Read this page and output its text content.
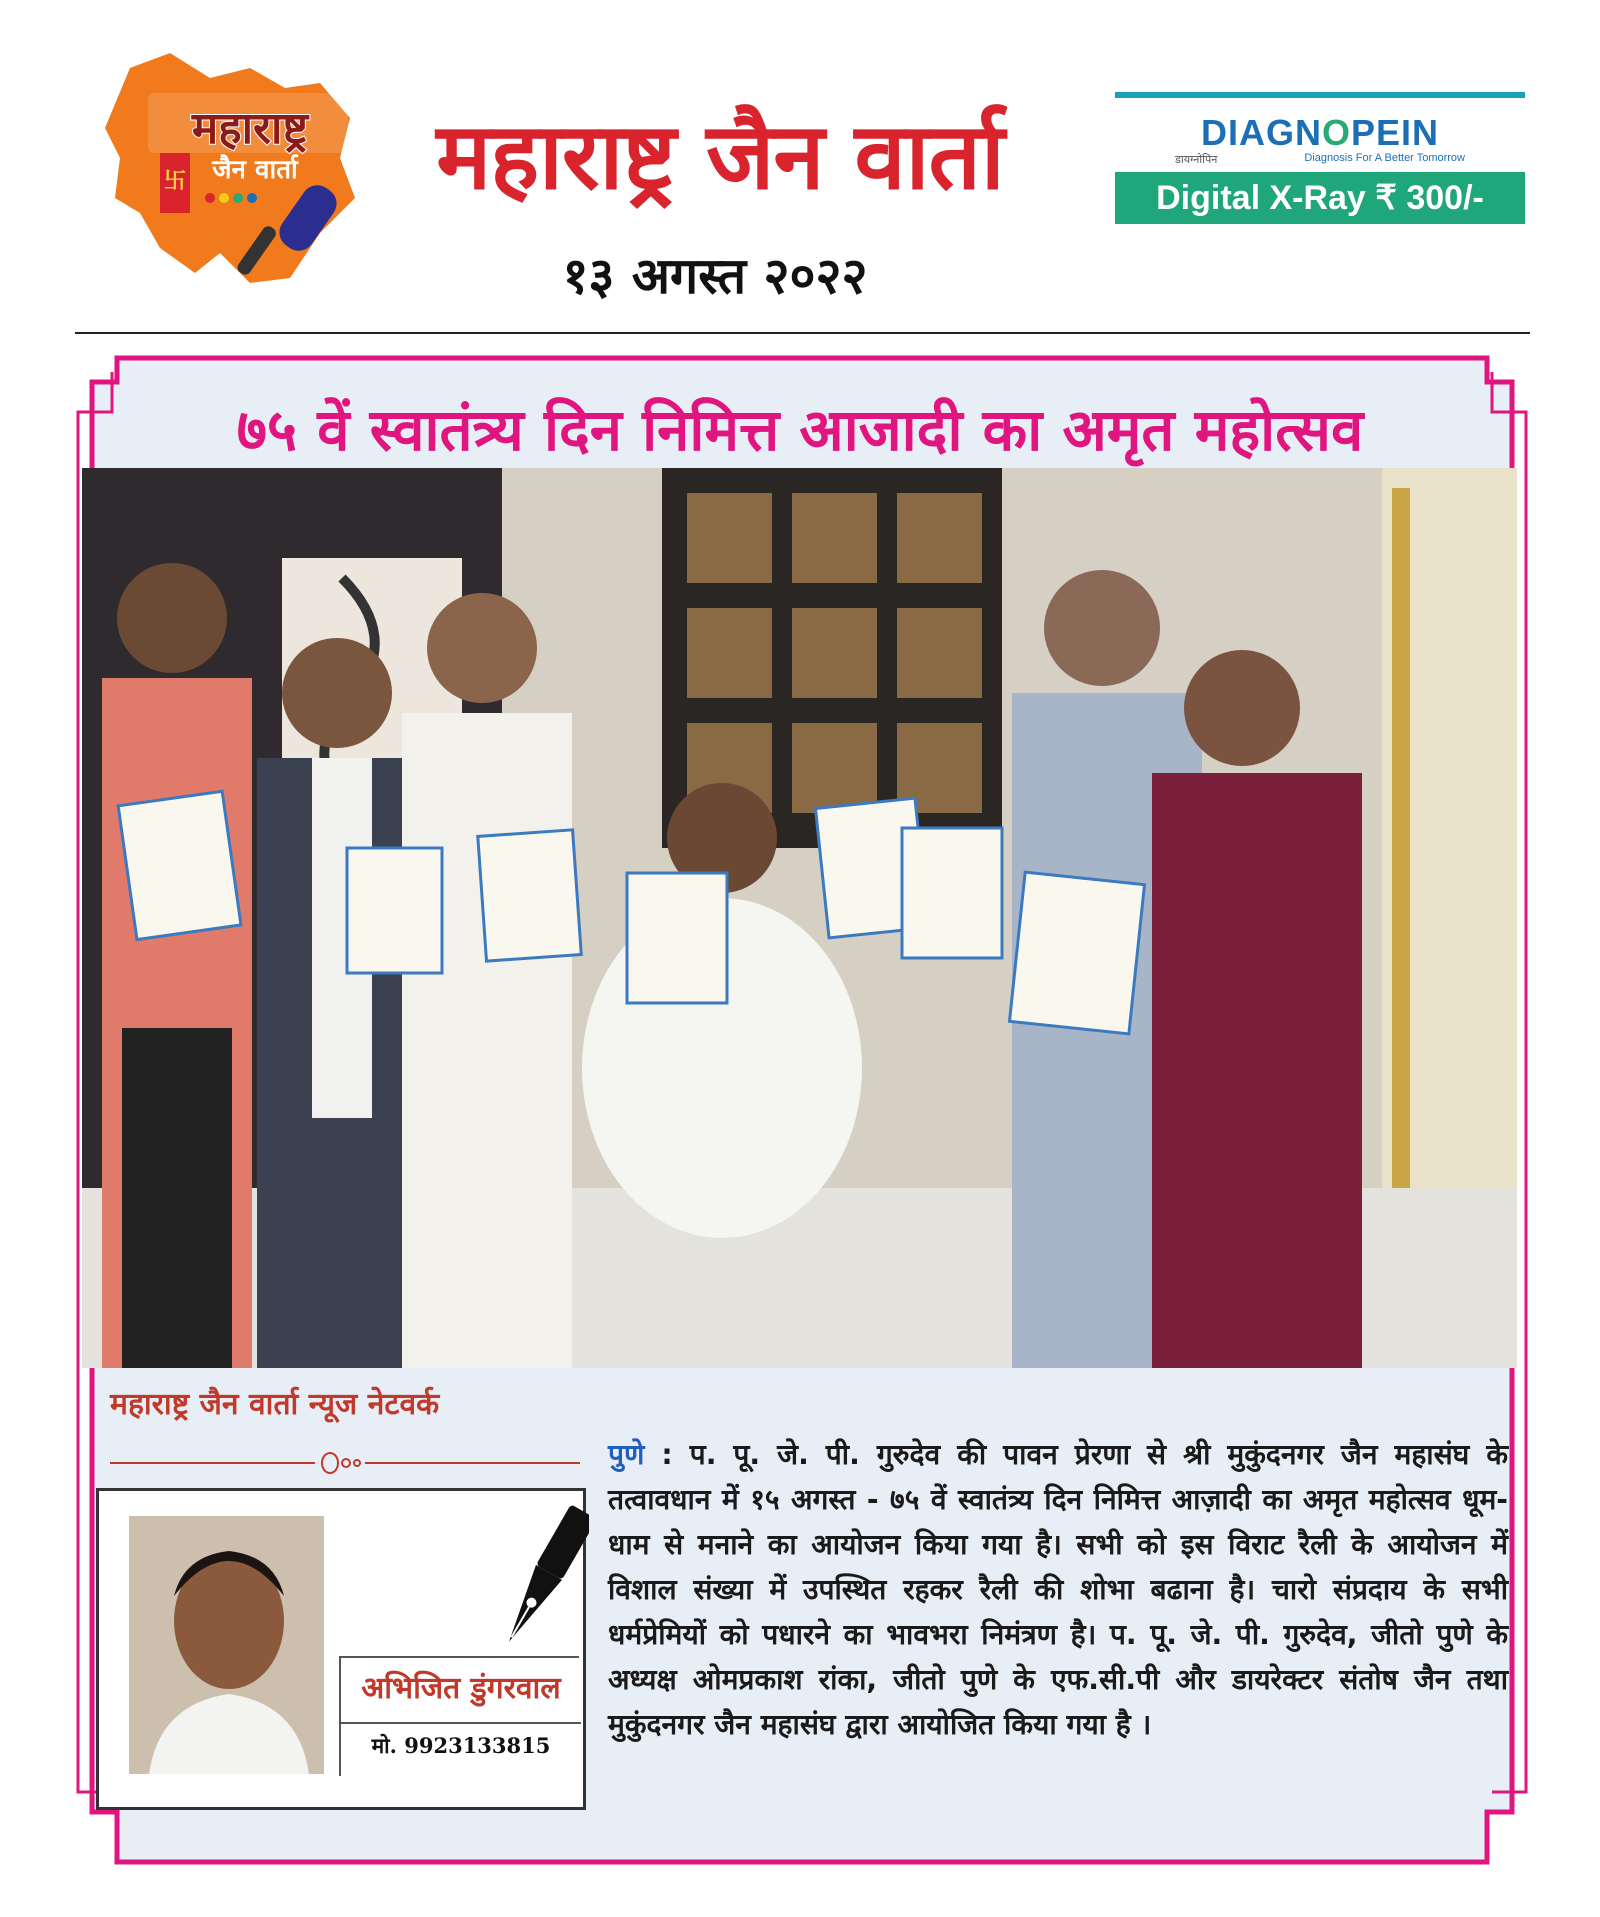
महाराष्ट्र
卐 जैन वार्ता
NEWS
महाराष्ट्र जैन वार्ता
१३ अगस्त २०२२
DIAGNOPEIN
डायग्नोपिन	Diagnosis For A Better Tomorrow
Digital X-Ray ₹ 300/-
७५ वें स्वातंत्र्य दिन निमित्त आजादी का अमृत महोत्सव
महाराष्ट्र जैन वार्ता न्यूज नेटवर्क
अभिजित डुंगरवाल
मो. 9923133815
पुणे : प. पू. जे. पी. गुरुदेव की पावन प्रेरणा से श्री मुकुंदनगर जैन महासंघ के तत्वावधान में १५ अगस्त - ७५ वें स्वातंत्र्य दिन निमित्त आज़ादी का अमृत महोत्सव धूम-धाम से मनाने का आयोजन किया गया है। सभी को इस विराट रैली के आयोजन में विशाल संख्या में उपस्थित रहकर रैली की शोभा बढाना है। चारो संप्रदाय के सभी धर्मप्रेमियों को पधारने का भावभरा निमंत्रण है। प. पू. जे. पी. गुरुदेव, जीतो पुणे के अध्यक्ष ओमप्रकाश रांका, जीतो पुणे के एफ.सी.पी और डायरेक्टर संतोष जैन तथा मुकुंदनगर जैन महासंघ द्वारा आयोजित किया गया है ।
